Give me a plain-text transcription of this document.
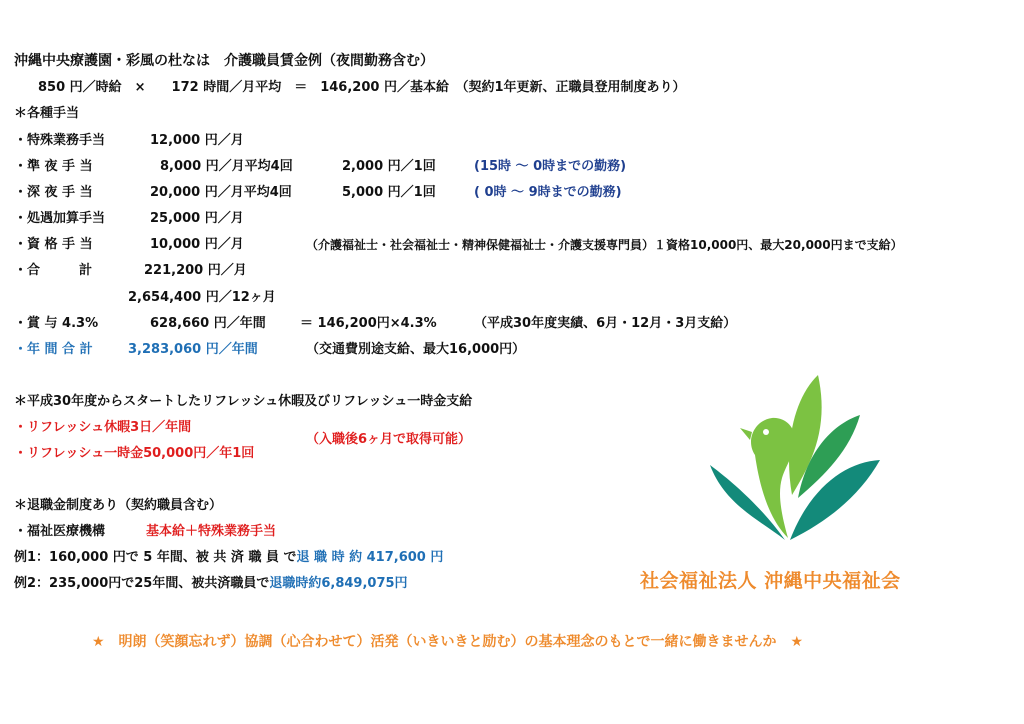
沖縄中央療護園・彩風の杜なは　介護職員賃金例（夜間勤務含む）
850 円／時給　×　　172 時間／月平均　＝　146,200 円／基本給　（契約1年更新、正職員登用制度あり）
＊各種手当
・特殊業務手当	12,000 円／月
・準 夜 手 当	8,000 円／月平均4回	2,000 円／1回	(15時 ～ 0時までの勤務)
・深 夜 手 当	20,000 円／月平均4回	5,000 円／1回	( 0時 ～ 9時までの勤務)
・処遇加算手当	25,000 円／月
・資 格 手 当	10,000 円／月	（介護福祉士・社会福祉士・精神保健福祉士・介護支援専門員）１資格10,000円、最大20,000円まで支給）
・合　　　計	221,200 円／月
2,654,400 円／12ヶ月
・賞 与 4.3%	628,660 円／年間	＝ 146,200円×4.3%	（平成30年度実績、6月・12月・3月支給）
・年 間 合 計	3,283,060 円／年間	（交通費別途支給、最大16,000円）
＊平成30年度からスタートしたリフレッシュ休暇及びリフレッシュ一時金支給
・リフレッシュ休暇3日／年間
（入職後6ヶ月で取得可能）
・リフレッシュ一時金50,000円／年1回
＊退職金制度あり（契約職員含む）
・福祉医療機構	基本給＋特殊業務手当
例1：160,000 円で 5 年間、被 共 済 職 員 で退 職 時 約 417,600 円
例2：235,000円で25年間、被共済職員で退職時約6,849,075円	社会福祉法人 沖縄中央福祉会
★　明朗（笑顔忘れず）協調（心合わせて）活発（いきいきと励む）の基本理念のもとで一緒に働きませんか　★
